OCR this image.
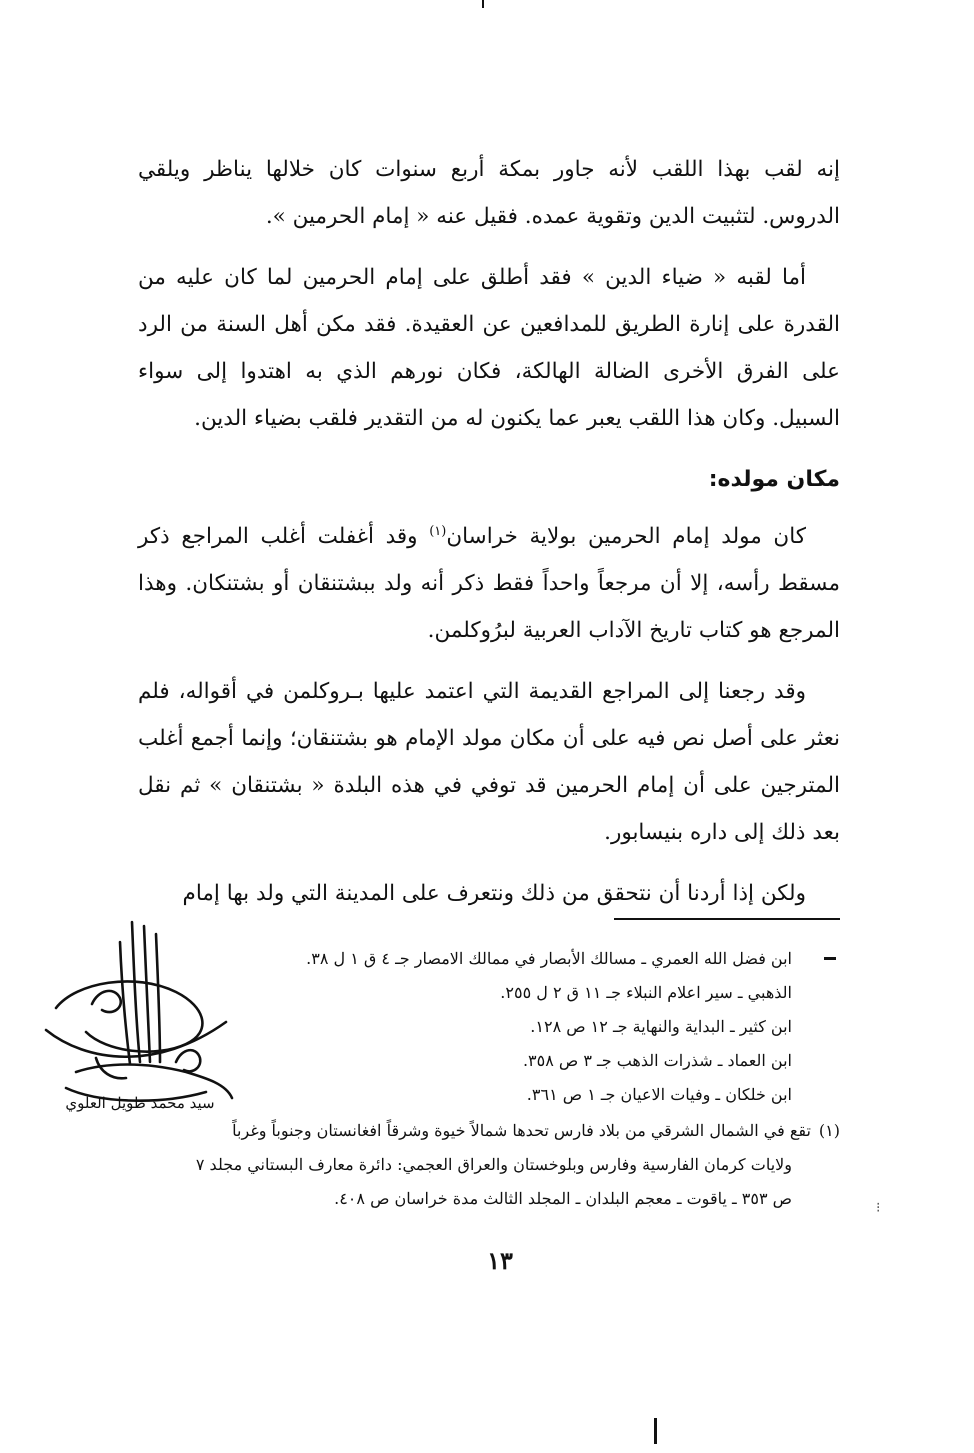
إنه لقب بهذا اللقب لأنه جاور بمكة أربع سنوات كان خلالها يناظر ويلقي الدروس. لتثبيت الدين وتقوية عمده. فقيل عنه « إمام الحرمين ».

أما لقبه « ضياء الدين » فقد أطلق على إمام الحرمين لما كان عليه من القدرة على إنارة الطريق للمدافعين عن العقيدة. فقد مكن أهل السنة من الرد على الفرق الأخرى الضالة الهالكة، فكان نورهم الذي به اهتدوا إلى سواء السبيل. وكان هذا اللقب يعبر عما يكنون له من التقدير فلقب بضياء الدين.

مكان مولده:

كان مولد إمام الحرمين بولاية خراسان$^{(١)}$ وقد أغفلت أغلب المراجع ذكر مسقط رأسه، إلا أن مرجعاً واحداً فقط ذكر أنه ولد ببشتنقان أو بشتنكان. وهذا المرجع هو كتاب تاريخ الآداب العربية لبرُوكلمن.

وقد رجعنا إلى المراجع القديمة التي اعتمد عليها بـروكلمن في أقواله، فلم نعثر على أصل نص فيه على أن مكان مولد الإمام هو بشتنقان؛ وإنما أجمع أغلب المترجين على أن إمام الحرمين قد توفي في هذه البلدة « بشتنقان » ثم نقل بعد ذلك إلى داره بنيسابور.

ولكن إذا أردنا أن نتحقق من ذلك ونتعرف على المدينة التي ولد بها إمام

ابن فضل الله العمري ـ مسالك الأبصار في ممالك الامصار جـ ٤ ق ١ ل ٣٨.
الذهبي ـ سير اعلام النبلاء جـ ١١ ق ٢ ل ٢٥٥.
ابن كثير ـ البداية والنهاية جـ ١٢ ص ١٢٨.
ابن العماد ـ شذرات الذهب جـ ٣ ص ٣٥٨.
ابن خلكان ـ وفيات الاعيان جـ ١ ص ٣٦١.
(١)تقع في الشمال الشرقي من بلاد فارس تحدها شمالاً خيوة وشرقاً افغانستان وجنوباً وغرباً
ولايات كرمان الفارسية وفارس وبلوخستان والعراق العجمي: دائرة معارف البستاني مجلد ٧
ص ٣٥٣ ـ ياقوت ـ معجم البلدان ـ المجلد الثالث مدة خراسان ص ٤٠٨.
١٣
سيد محمد طويل العلوي
⁝
